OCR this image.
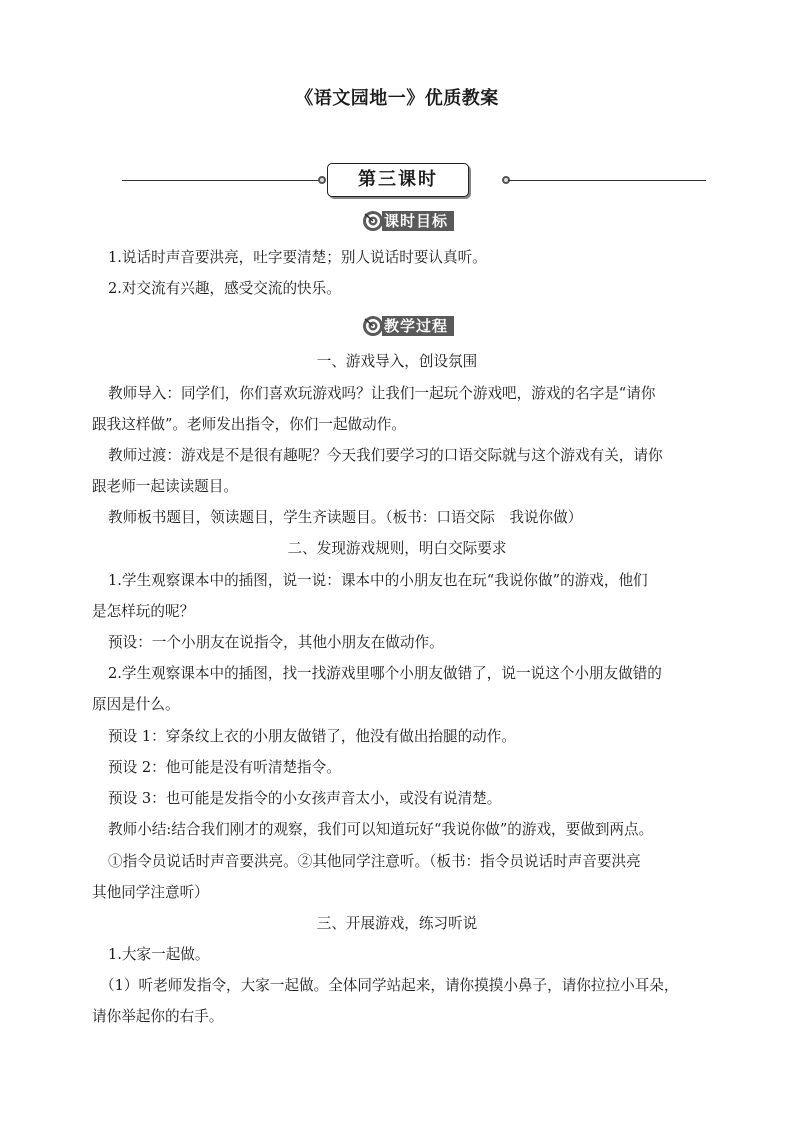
《语文园地一》优质教案
第三课时
课时目标
1.说话时声音要洪亮，吐字要清楚；别人说话时要认真听。
2.对交流有兴趣，感受交流的快乐。
教学过程
一、游戏导入，创设氛围
教师导入：同学们，你们喜欢玩游戏吗？让我们一起玩个游戏吧，游戏的名字是“请你
跟我这样做”。老师发出指令，你们一起做动作。
教师过渡：游戏是不是很有趣呢？今天我们要学习的口语交际就与这个游戏有关，请你
跟老师一起读读题目。
教师板书题目，领读题目，学生齐读题目。（板书：口语交际　我说你做）
二、发现游戏规则，明白交际要求
1.学生观察课本中的插图，说一说：课本中的小朋友也在玩“我说你做”的游戏，他们
是怎样玩的呢？
预设：一个小朋友在说指令，其他小朋友在做动作。
2.学生观察课本中的插图，找一找游戏里哪个小朋友做错了，说一说这个小朋友做错的
原因是什么。
预设 1：穿条纹上衣的小朋友做错了，他没有做出抬腿的动作。
预设 2：他可能是没有听清楚指令。
预设 3：也可能是发指令的小女孩声音太小，或没有说清楚。
教师小结:结合我们刚才的观察，我们可以知道玩好“我说你做”的游戏，要做到两点。
①指令员说话时声音要洪亮。②其他同学注意听。（板书：指令员说话时声音要洪亮
其他同学注意听）
三、开展游戏，练习听说
1.大家一起做。
（1）听老师发指令，大家一起做。全体同学站起来，请你摸摸小鼻子，请你拉拉小耳朵，
请你举起你的右手。
